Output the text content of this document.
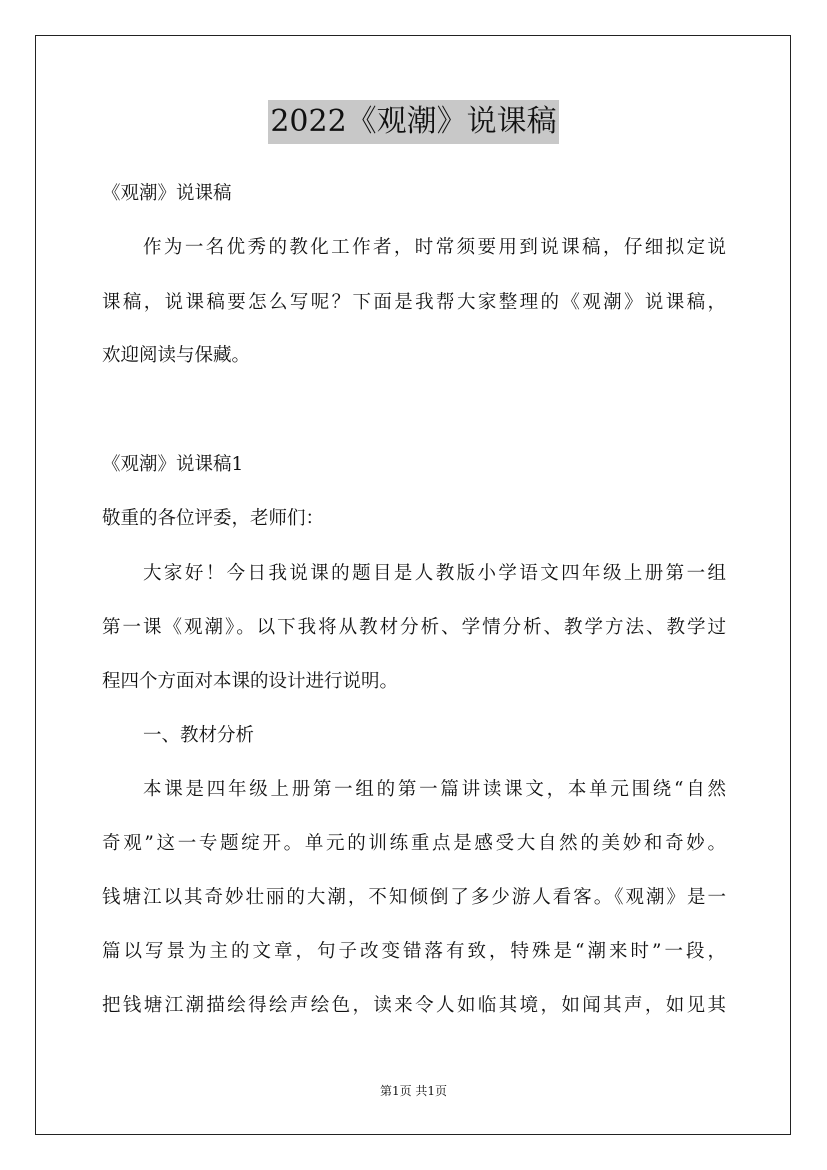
2022《观潮》说课稿
《观潮》说课稿
作为一名优秀的教化工作者，时常须要用到说课稿，仔细拟定说
课稿，说课稿要怎么写呢？下面是我帮大家整理的《观潮》说课稿，
欢迎阅读与保藏。
《观潮》说课稿1
敬重的各位评委，老师们：
大家好！今日我说课的题目是人教版小学语文四年级上册第一组
第一课《观潮》。以下我将从教材分析、学情分析、教学方法、教学过
程四个方面对本课的设计进行说明。
一、教材分析
本课是四年级上册第一组的第一篇讲读课文，本单元围绕“自然
奇观”这一专题绽开。单元的训练重点是感受大自然的美妙和奇妙。
钱塘江以其奇妙壮丽的大潮，不知倾倒了多少游人看客。《观潮》是一
篇以写景为主的文章，句子改变错落有致，特殊是“潮来时”一段，
把钱塘江潮描绘得绘声绘色，读来令人如临其境，如闻其声，如见其
第1页 共1页
